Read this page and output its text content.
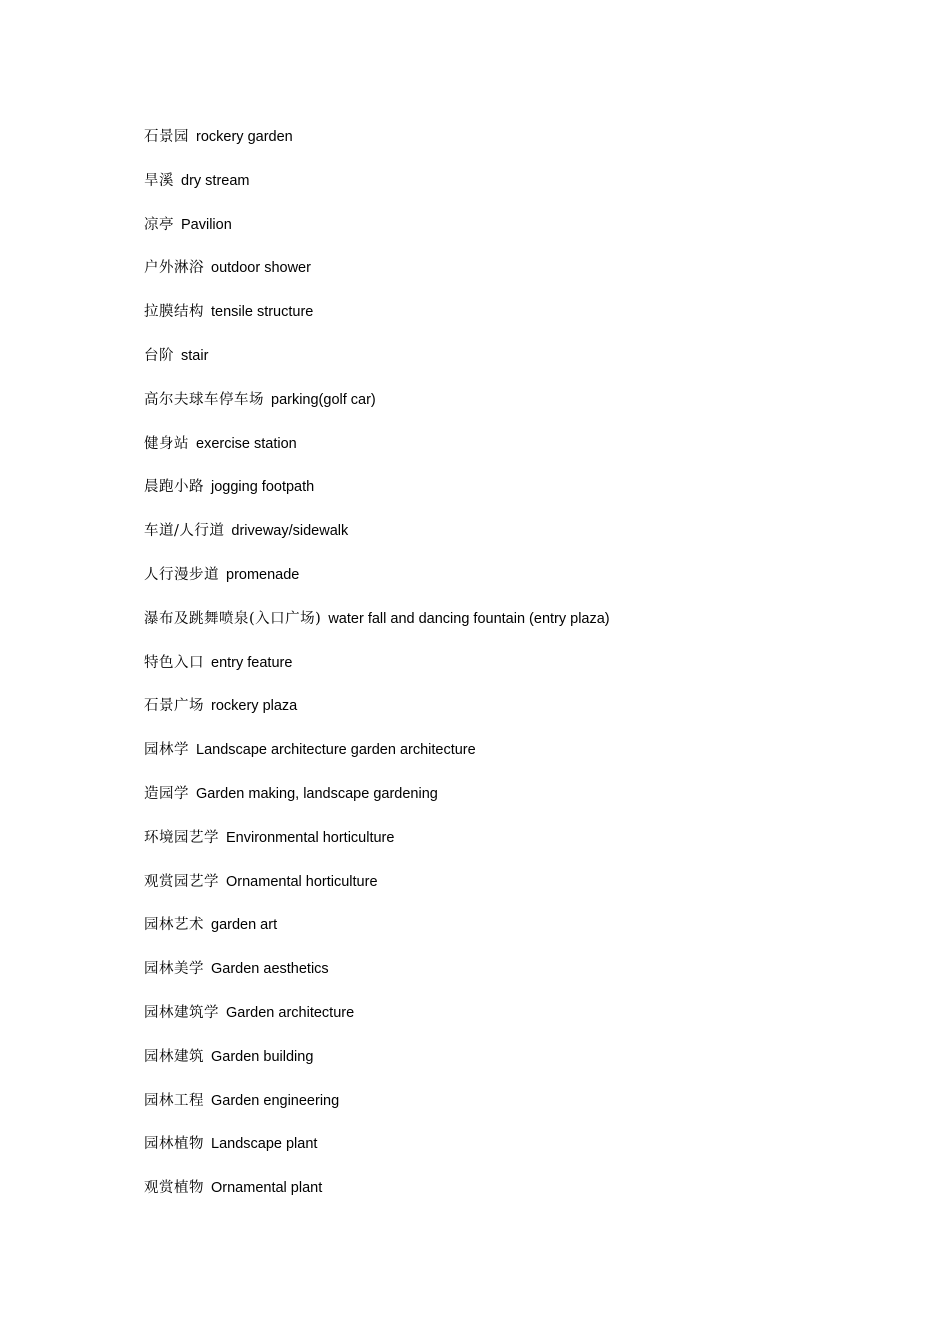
石景园 rockery garden
旱溪 dry stream
凉亭 Pavilion
户外淋浴 outdoor shower
拉膜结构 tensile structure
台阶 stair
高尔夫球车停车场 parking(golf car)
健身站 exercise station
晨跑小路 jogging footpath
车道/人行道 driveway/sidewalk
人行漫步道 promenade
瀑布及跳舞喷泉(入口广场) water fall and dancing fountain (entry plaza)
特色入口 entry feature
石景广场 rockery plaza
园林学 Landscape architecture garden architecture
造园学 Garden making, landscape gardening
环境园艺学 Environmental horticulture
观赏园艺学 Ornamental horticulture
园林艺术 garden art
园林美学 Garden aesthetics
园林建筑学 Garden architecture
园林建筑 Garden building
园林工程 Garden engineering
园林植物 Landscape plant
观赏植物 Ornamental plant
